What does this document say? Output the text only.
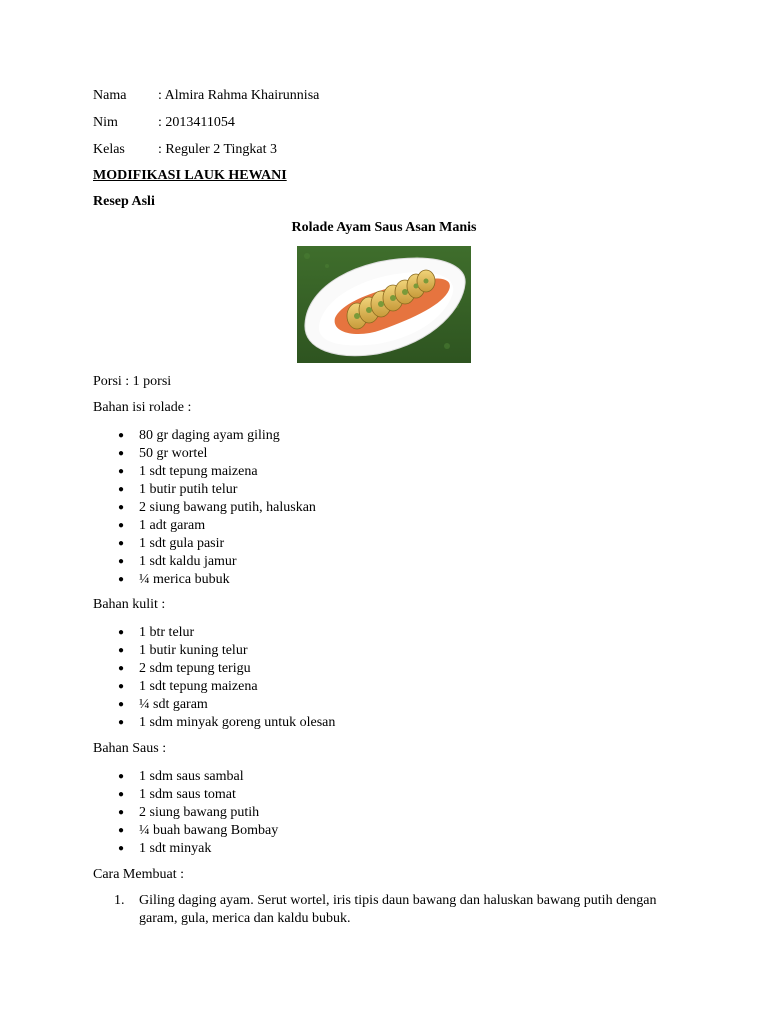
Nama : Almira Rahma Khairunnisa
Nim	: 2013411054
Kelas : Reguler 2 Tingkat 3
MODIFIKASI LAUK HEWANI
Resep Asli
Rolade Ayam Saus Asan Manis
Porsi : 1 porsi
Bahan isi rolade :
● 80 gr daging ayam giling
● 50 gr wortel
● 1 sdt tepung maizena
● 1 butir putih telur
● 2 siung bawang putih, haluskan
● 1 adt garam
● 1 sdt gula pasir
● 1 sdt kaldu jamur
● ¼ merica bubuk
Bahan kulit :
● 1 btr telur
● 1 butir kuning telur
● 2 sdm tepung terigu
● 1 sdt tepung maizena
● ¼ sdt garam
● 1 sdm minyak goreng untuk olesan
Bahan Saus :
● 1 sdm saus sambal
● 1 sdm saus tomat
● 2 siung bawang putih
● ¼ buah bawang Bombay
● 1 sdt minyak
Cara Membuat :
1. Giling daging ayam. Serut wortel, iris tipis daun bawang dan haluskan bawang putih dengan garam, gula, merica dan kaldu bubuk.
